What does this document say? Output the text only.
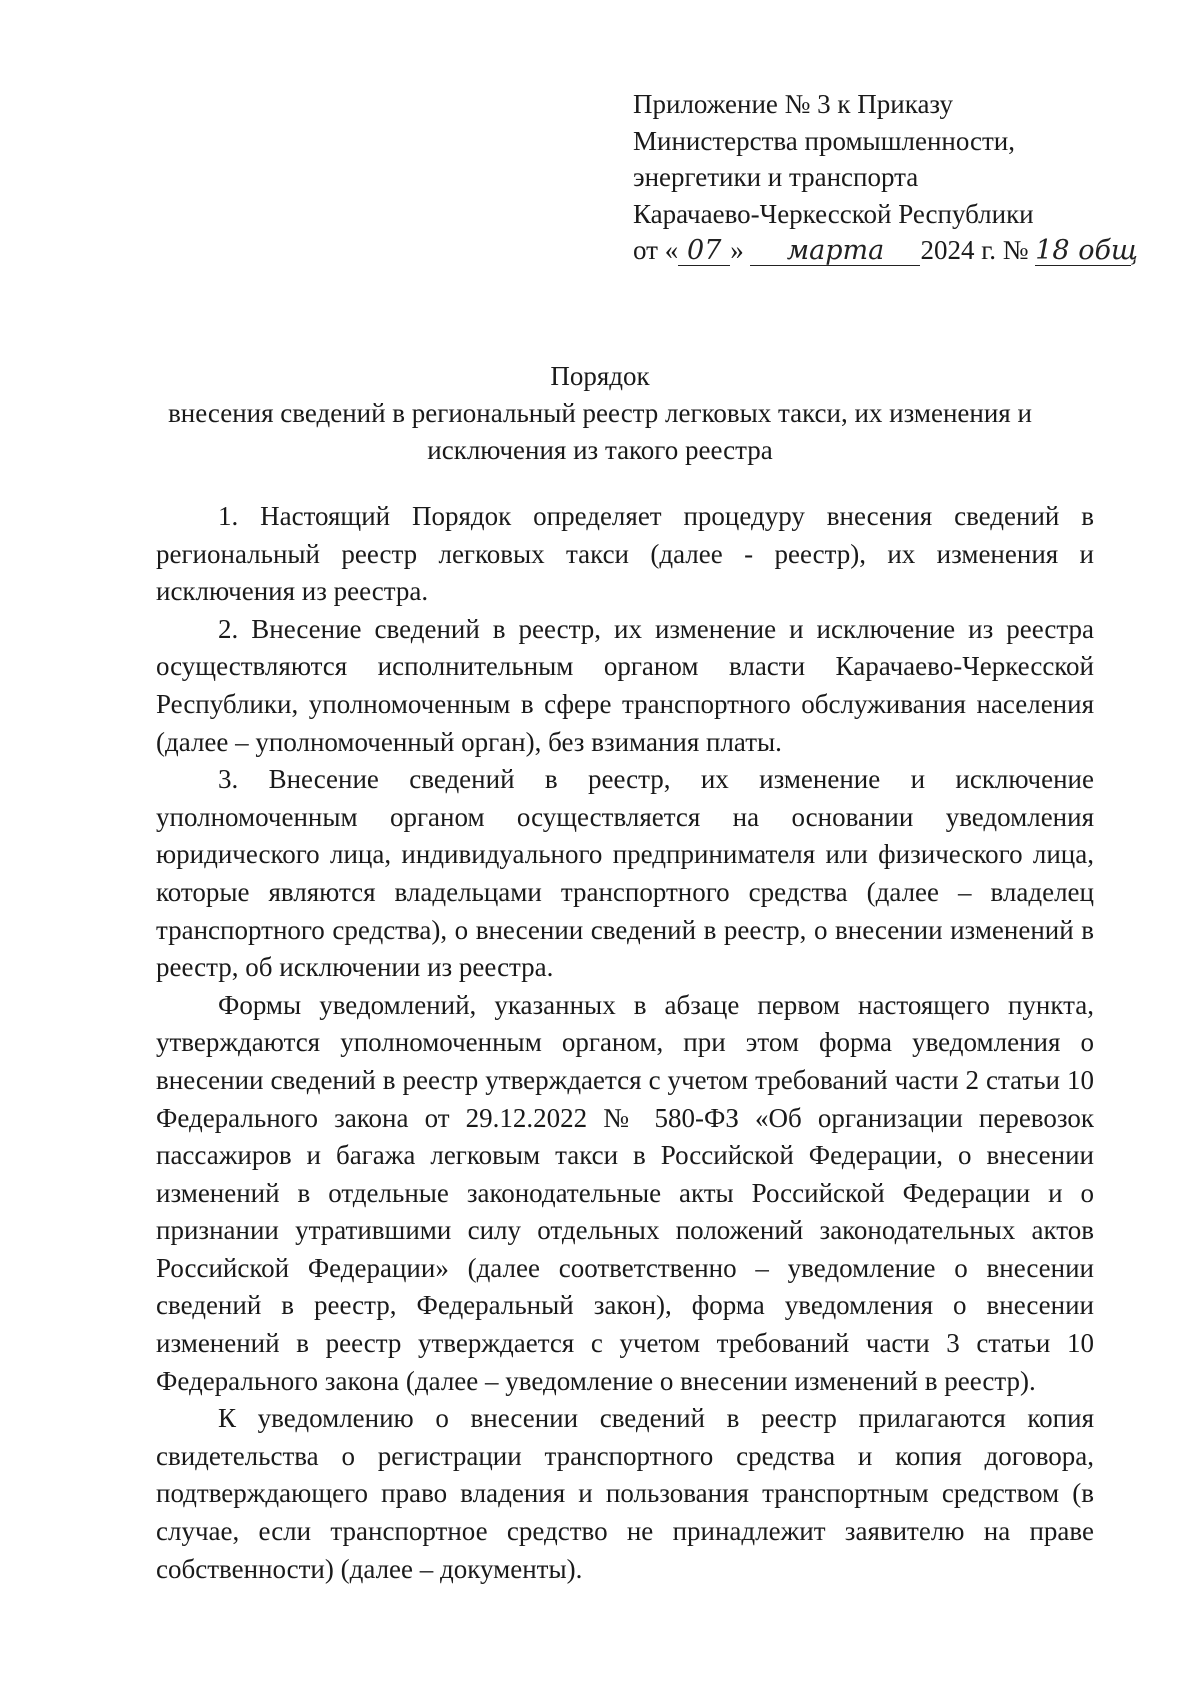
Приложение № 3 к Приказу
Министерства промышленности,
энергетики и транспорта
Карачаево-Черкесской Республики
от « 07 » марта 2024 г. № 18 общ
Порядок
внесения сведений в региональный реестр легковых такси, их изменения и исключения из такого реестра

1. Настоящий Порядок определяет процедуру внесения сведений в региональный реестр легковых такси (далее - реестр), их изменения и исключения из реестра.

2. Внесение сведений в реестр, их изменение и исключение из реестра осуществляются исполнительным органом власти Карачаево-Черкесской Республики, уполномоченным в сфере транспортного обслуживания населения (далее – уполномоченный орган), без взимания платы.

3. Внесение сведений в реестр, их изменение и исключение уполномоченным органом осуществляется на основании уведомления юридического лица, индивидуального предпринимателя или физического лица, которые являются владельцами транспортного средства (далее – владелец транспортного средства), о внесении сведений в реестр, о внесении изменений в реестр, об исключении из реестра.

Формы уведомлений, указанных в абзаце первом настоящего пункта, утверждаются уполномоченным органом, при этом форма уведомления о внесении сведений в реестр утверждается с учетом требований части 2 статьи 10 Федерального закона от 29.12.2022 № 580-ФЗ «Об организации перевозок пассажиров и багажа легковым такси в Российской Федерации, о внесении изменений в отдельные законодательные акты Российской Федерации и о признании утратившими силу отдельных положений законодательных актов Российской Федерации» (далее соответственно – уведомление о внесении сведений в реестр, Федеральный закон), форма уведомления о внесении изменений в реестр утверждается с учетом требований части 3 статьи 10 Федерального закона (далее – уведомление о внесении изменений в реестр).

К уведомлению о внесении сведений в реестр прилагаются копия свидетельства о регистрации транспортного средства и копия договора, подтверждающего право владения и пользования транспортным средством (в случае, если транспортное средство не принадлежит заявителю на праве собственности) (далее – документы).
